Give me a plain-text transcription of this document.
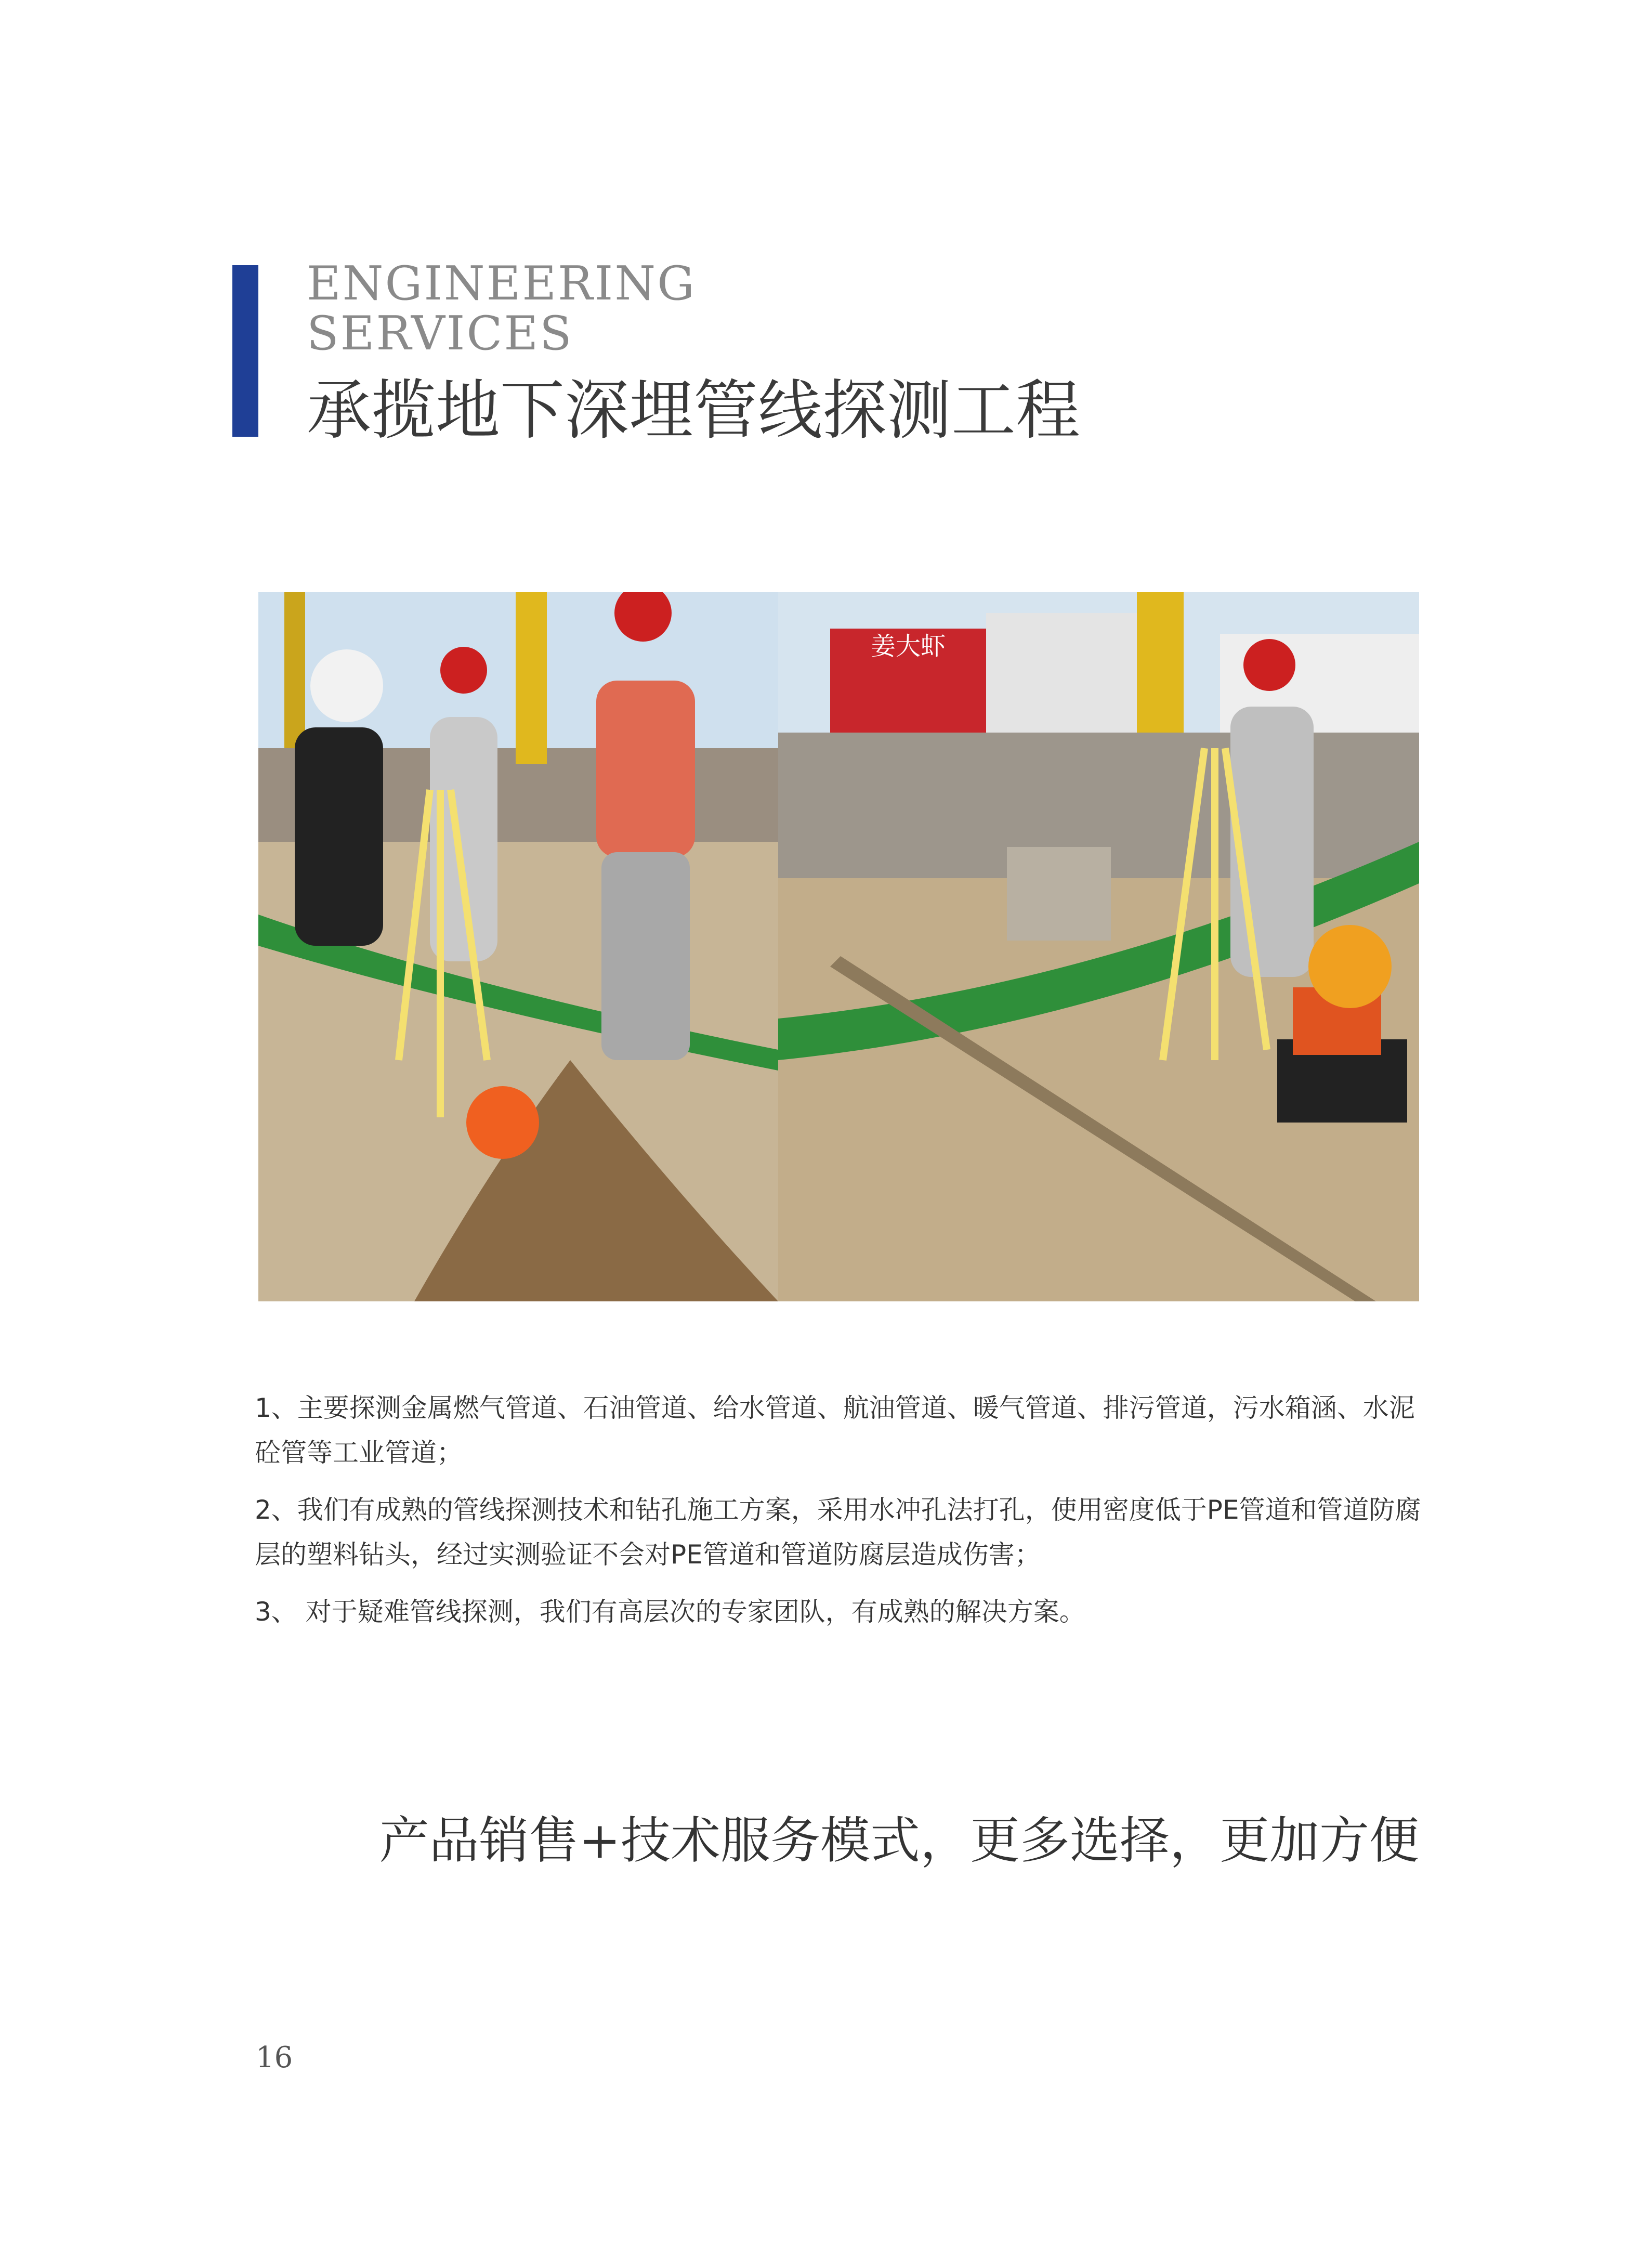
ENGINEERING
SERVICES
承揽地下深埋管线探测工程
姜大虾

1、主要探测金属燃气管道、石油管道、给水管道、航油管道、暖气管道、排污管道，污水箱涵、水泥砼管等工业管道；

2、我们有成熟的管线探测技术和钻孔施工方案，采用水冲孔法打孔，使用密度低于PE管道和管道防腐层的塑料钻头，经过实测验证不会对PE管道和管道防腐层造成伤害；

3、 对于疑难管线探测，我们有高层次的专家团队，有成熟的解决方案。

产品销售+技术服务模式，更多选择，更加方便
16
